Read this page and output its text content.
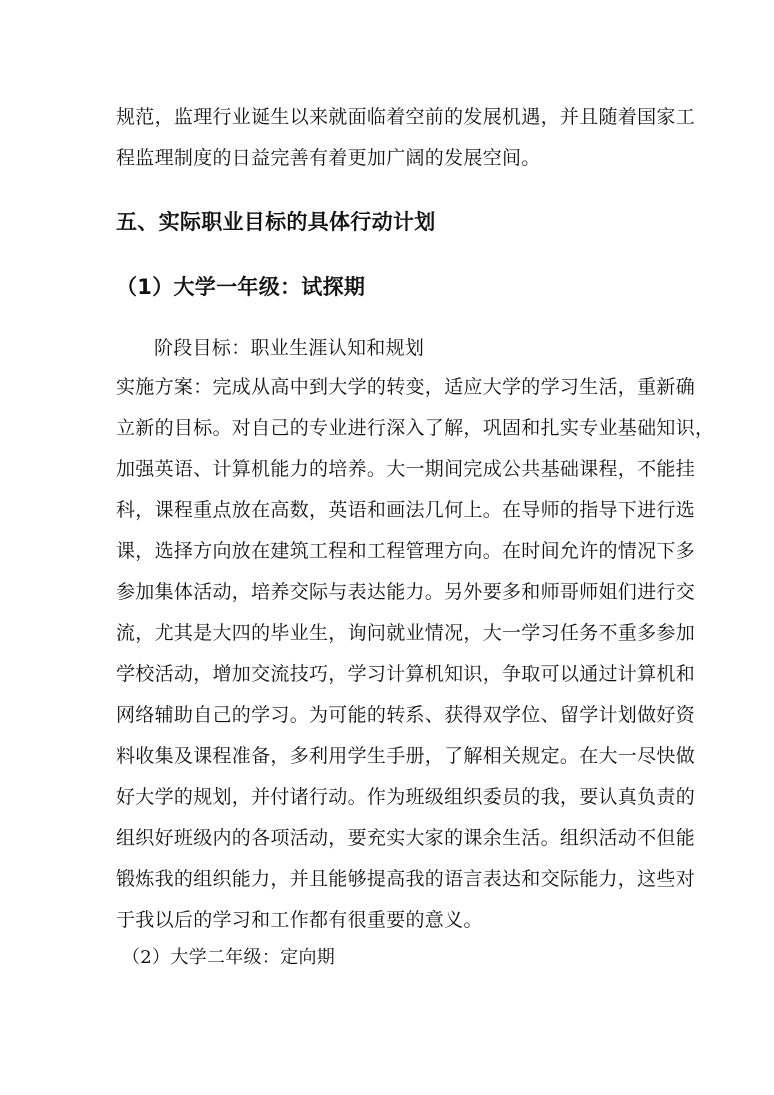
规范，监理行业诞生以来就面临着空前的发展机遇，并且随着国家工
程监理制度的日益完善有着更加广阔的发展空间。
五、实际职业目标的具体行动计划
（1）大学一年级：试探期
阶段目标：职业生涯认知和规划
实施方案：完成从高中到大学的转变，适应大学的学习生活，重新确
立新的目标。对自己的专业进行深入了解，巩固和扎实专业基础知识，
加强英语、计算机能力的培养。大一期间完成公共基础课程，不能挂
科，课程重点放在高数，英语和画法几何上。在导师的指导下进行选
课，选择方向放在建筑工程和工程管理方向。在时间允许的情况下多
参加集体活动，培养交际与表达能力。另外要多和师哥师姐们进行交
流，尤其是大四的毕业生，询问就业情况，大一学习任务不重多参加
学校活动，增加交流技巧，学习计算机知识，争取可以通过计算机和
网络辅助自己的学习。为可能的转系、获得双学位、留学计划做好资
料收集及课程准备，多利用学生手册，了解相关规定。在大一尽快做
好大学的规划，并付诸行动。作为班级组织委员的我，要认真负责的
组织好班级内的各项活动，要充实大家的课余生活。组织活动不但能
锻炼我的组织能力，并且能够提高我的语言表达和交际能力，这些对
于我以后的学习和工作都有很重要的意义。
（2）大学二年级：定向期
